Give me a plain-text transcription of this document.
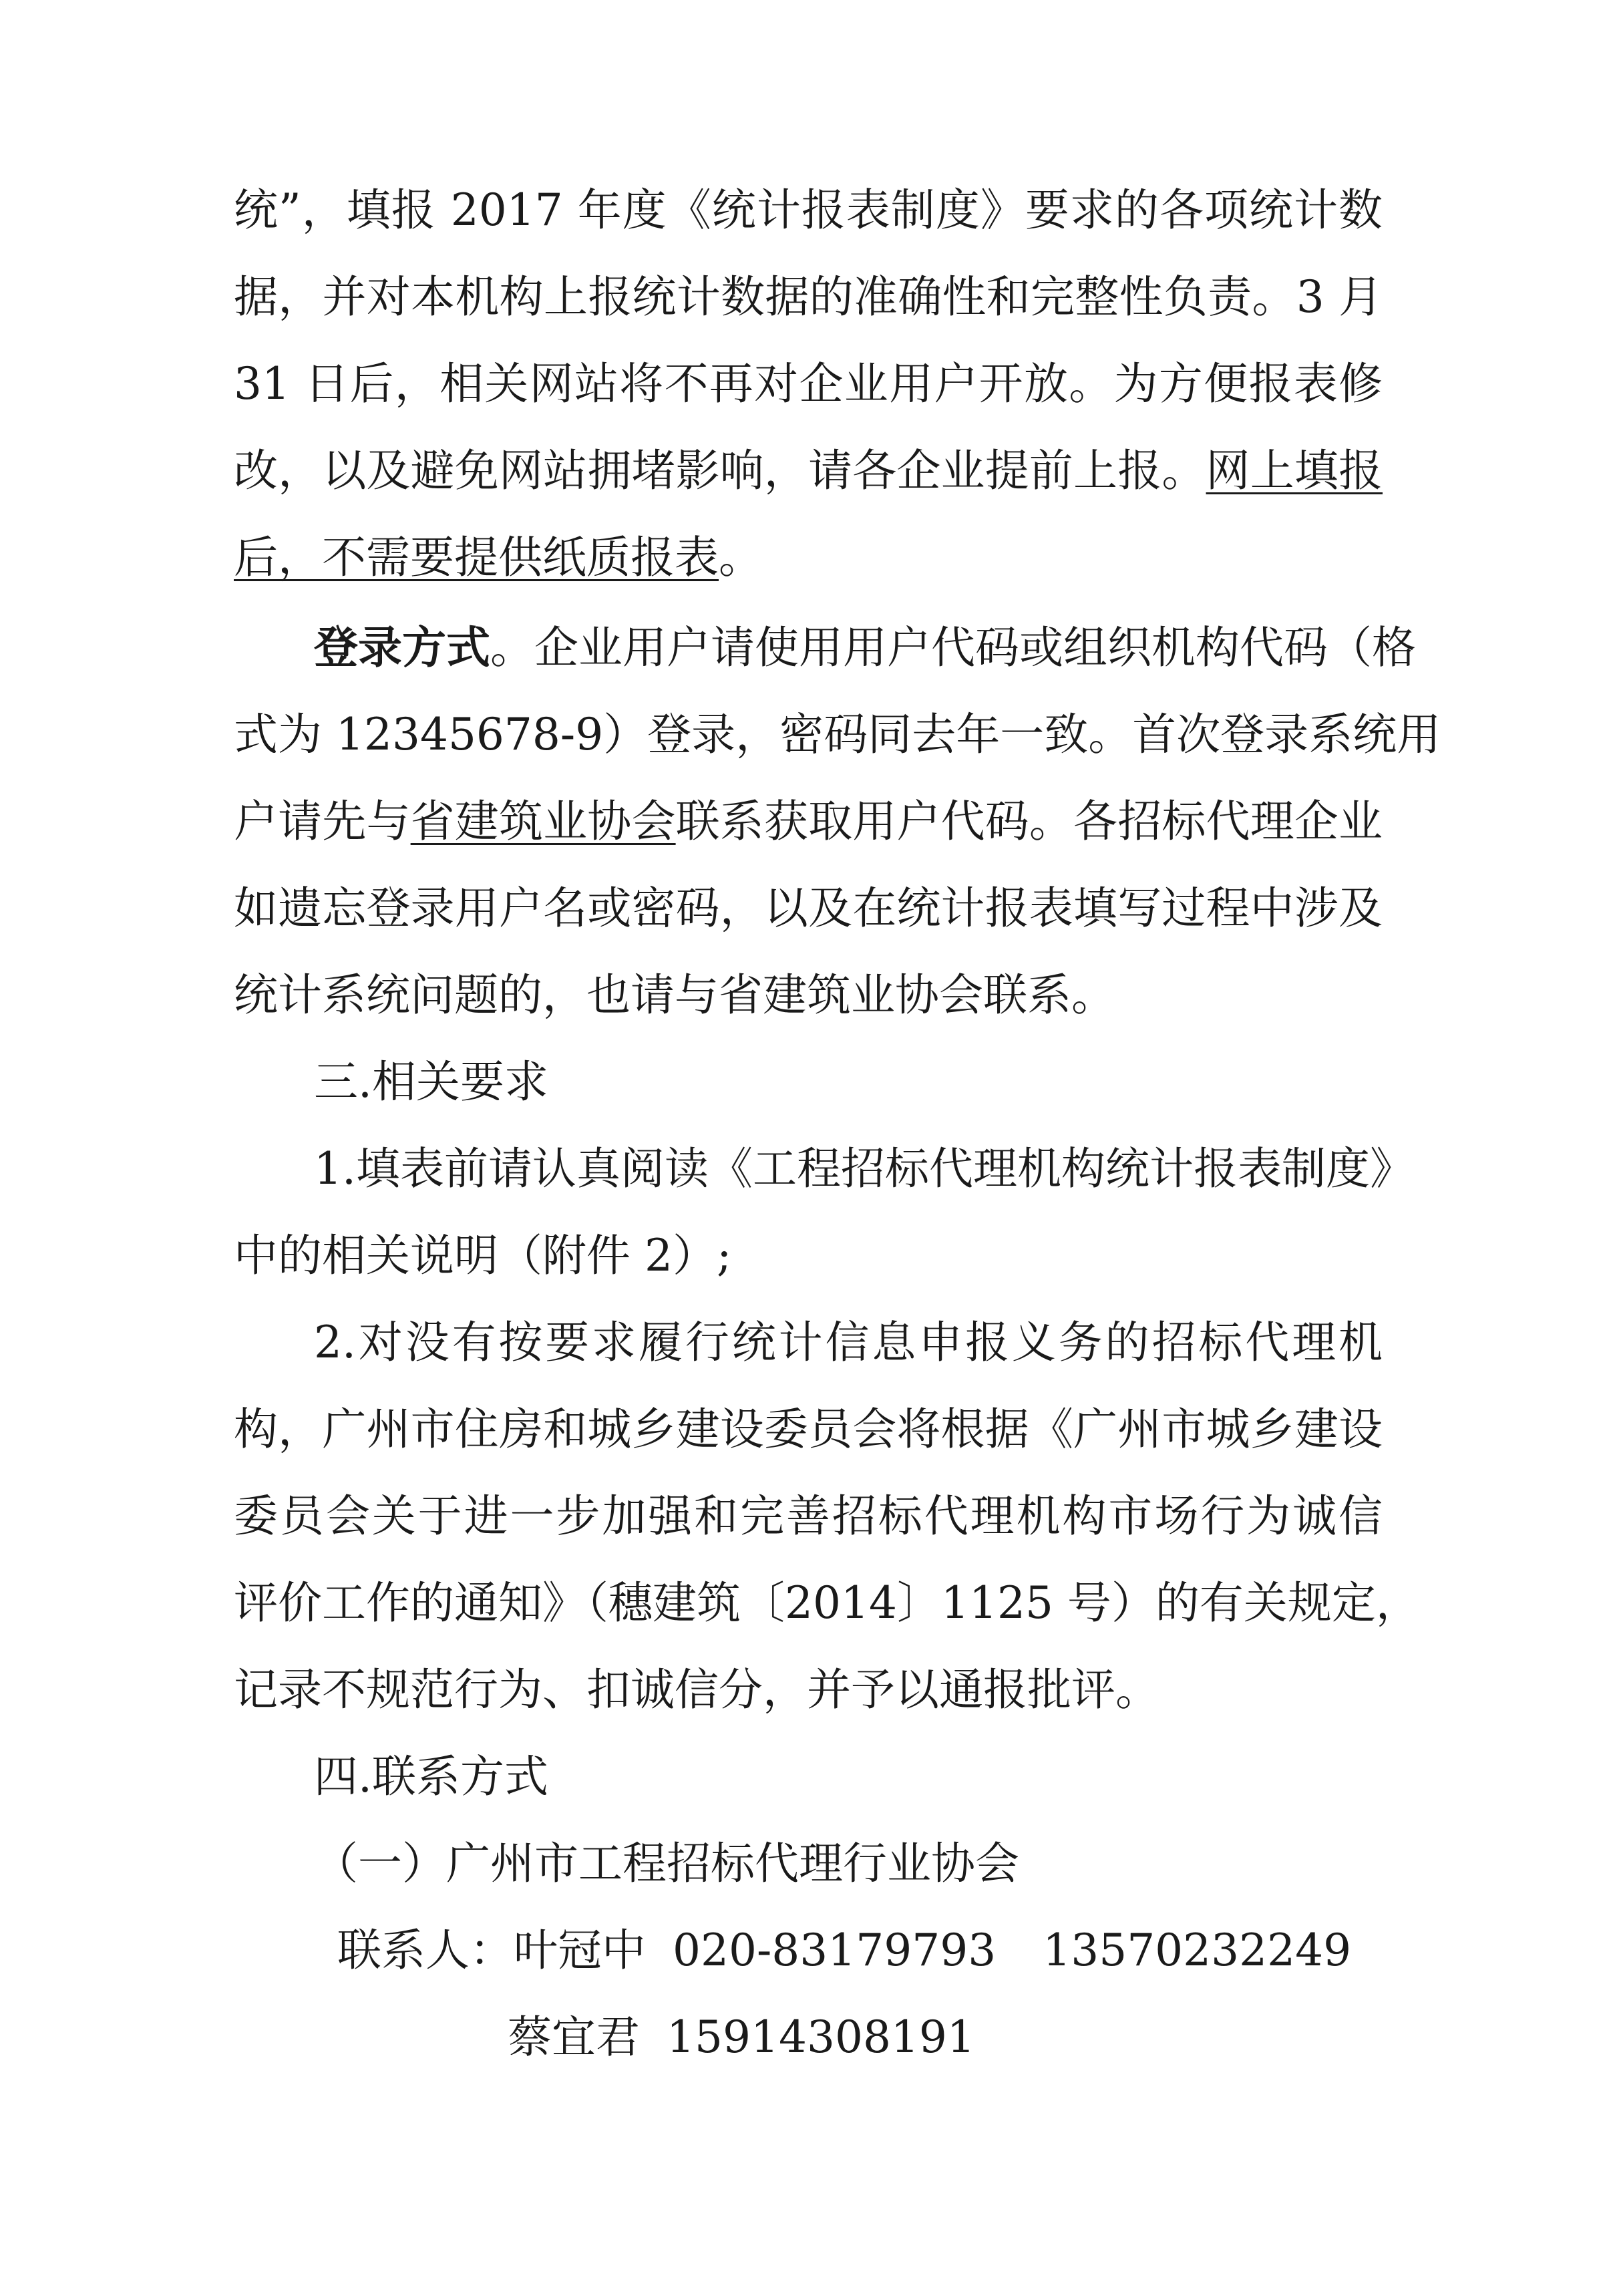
统”，填报 2017 年度《统计报表制度》要求的各项统计数
据，并对本机构上报统计数据的准确性和完整性负责。3 月
31 日后，相关网站将不再对企业用户开放。为方便报表修
改，以及避免网站拥堵影响，请各企业提前上报。网上填报
后，不需要提供纸质报表。
登录方式。企业用户请使用用户代码或组织机构代码（格
式为 12345678-9）登录，密码同去年一致。首次登录系统用
户请先与省建筑业协会联系获取用户代码。各招标代理企业
如遗忘登录用户名或密码，以及在统计报表填写过程中涉及
统计系统问题的，也请与省建筑业协会联系。
三.相关要求
1.填表前请认真阅读《工程招标代理机构统计报表制度》
中的相关说明（附件 2）;
2.对没有按要求履行统计信息申报义务的招标代理机
构，广州市住房和城乡建设委员会将根据《广州市城乡建设
委员会关于进一步加强和完善招标代理机构市场行为诚信
评价工作的通知》（穗建筑〔2014〕1125 号）的有关规定，
记录不规范行为、扣诚信分，并予以通报批评。
四.联系方式
（一）广州市工程招标代理行业协会
联系人：叶冠中 020-83179793 13570232249
蔡宜君 15914308191
